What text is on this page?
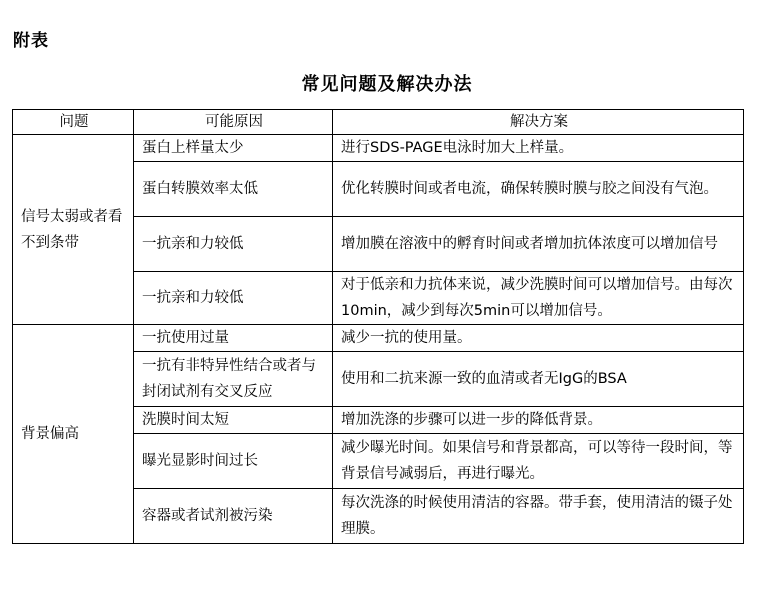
附表
常见问题及解决办法
问题	可能原因	解决方案
信号太弱或者看不到条带	蛋白上样量太少	进行SDS-PAGE电泳时加大上样量。
	蛋白转膜效率太低	优化转膜时间或者电流，确保转膜时膜与胶之间没有气泡。
	一抗亲和力较低	增加膜在溶液中的孵育时间或者增加抗体浓度可以增加信号
	一抗亲和力较低	对于低亲和力抗体来说，减少洗膜时间可以增加信号。由每次10min，减少到每次5min可以增加信号。
背景偏高	一抗使用过量	减少一抗的使用量。
	一抗有非特异性结合或者与 封闭试剂有交叉反应	使用和二抗来源一致的血清或者无IgG的BSA
	洗膜时间太短	增加洗涤的步骤可以进一步的降低背景。
	曝光显影时间过长	减少曝光时间。如果信号和背景都高，可以等待一段时间，等背景信号减弱后，再进行曝光。
	容器或者试剂被污染	每次洗涤的时候使用清洁的容器。带手套，使用清洁的镊子处理膜。
